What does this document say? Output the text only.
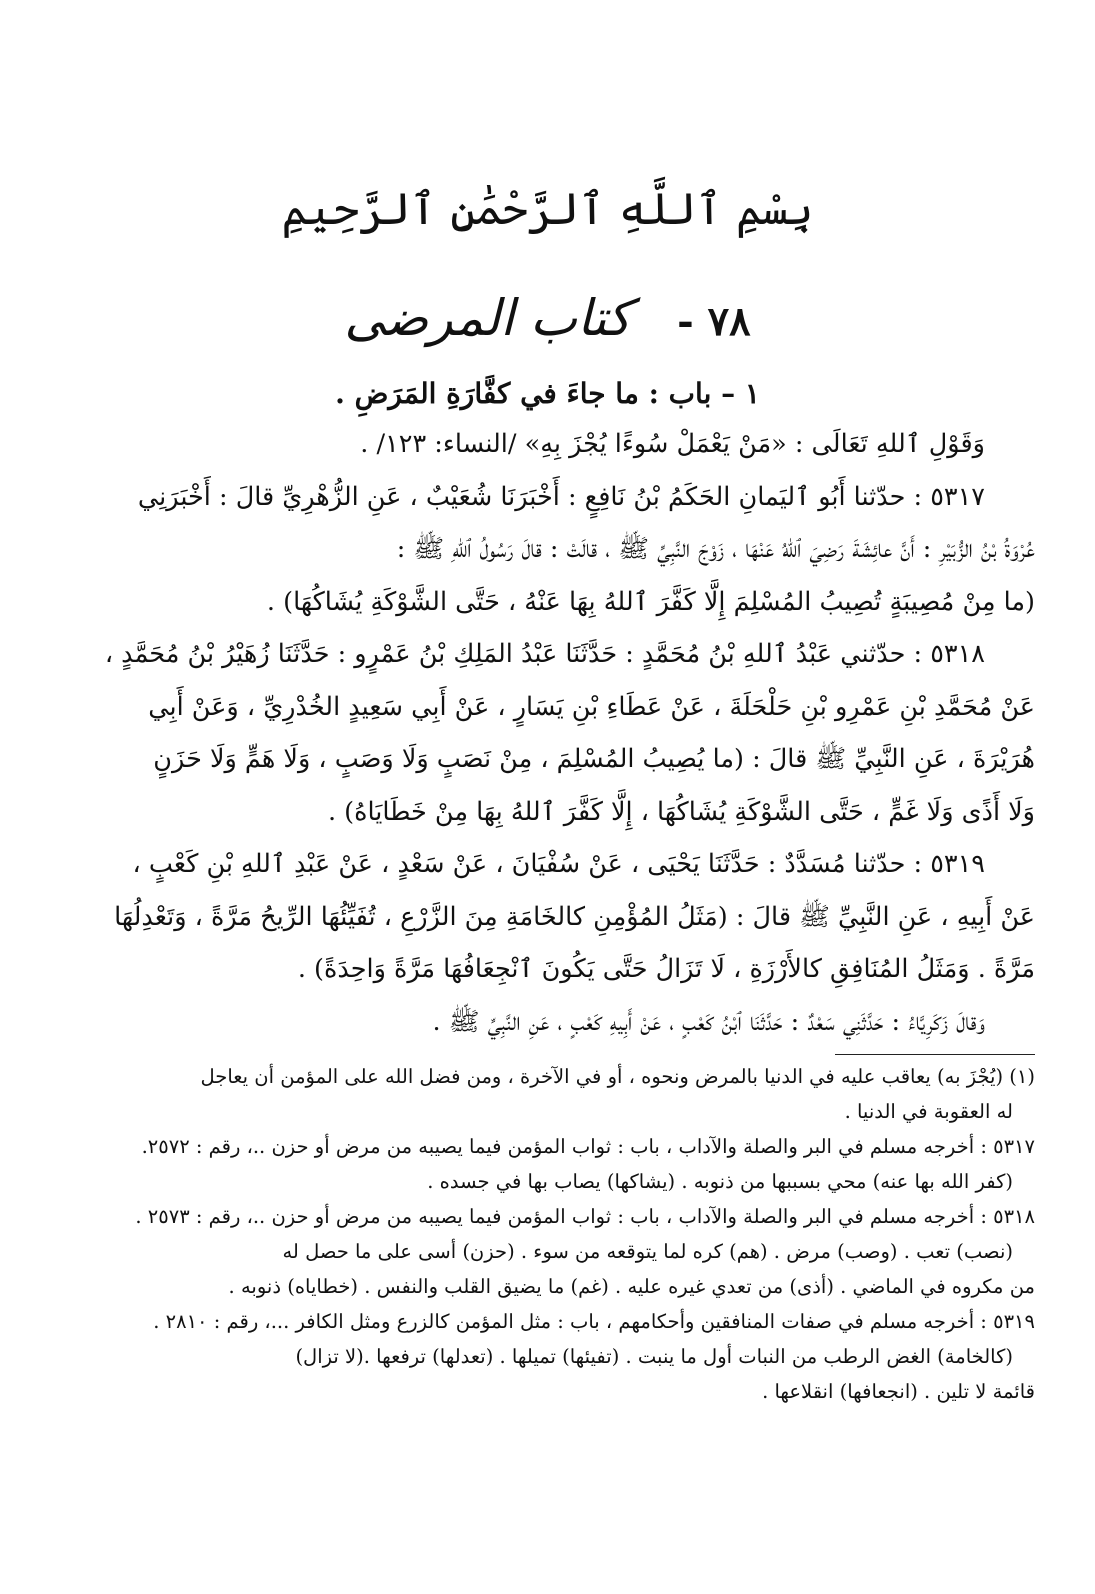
بِسْمِ ٱللَّهِ ٱلرَّحْمَٰنِ ٱلرَّحِيمِ
٧٨ - كتاب المرضى
١ – باب : ما جاءَ في كفَّارَةِ المَرَضِ .

وَقَوْلِ ٱللهِ تَعَالَى : «مَنْ يَعْمَلْ سُوءًا يُجْزَ بِهِ» /النساء: ١٢٣/ .

٥٣١٧ : حدّثنا أَبُو ٱليَمانِ الحَكَمُ بْنُ نَافِعٍ : أَخْبَرَنَا شُعَيْبٌ ، عَنِ الزُّهْرِيِّ قالَ : أَخْبَرَنِي

عُرْوَةُ بْنُ الزُّبَيْرِ : أَنَّ عائِشَةَ رَضِيَ ٱللهُ عَنْهَا ، زَوْجَ النَّبِيِّ ﷺ ، قالَتْ : قالَ رَسُولُ ٱللهِ ﷺ :

(ما مِنْ مُصِيبَةٍ تُصِيبُ المُسْلِمَ إِلَّا كَفَّرَ ٱللهُ بِهَا عَنْهُ ، حَتَّى الشَّوْكَةِ يُشَاكُهَا) .

٥٣١٨ : حدّثني عَبْدُ ٱللهِ بْنُ مُحَمَّدٍ : حَدَّثَنَا عَبْدُ المَلِكِ بْنُ عَمْرٍو : حَدَّثَنَا زُهَيْرُ بْنُ مُحَمَّدٍ ،

عَنْ مُحَمَّدِ بْنِ عَمْرِو بْنِ حَلْحَلَةَ ، عَنْ عَطَاءِ بْنِ يَسَارٍ ، عَنْ أَبِي سَعِيدٍ الخُدْرِيِّ ، وَعَنْ أَبِي

هُرَيْرَةَ ، عَنِ النَّبِيِّ ﷺ قالَ : (ما يُصِيبُ المُسْلِمَ ، مِنْ نَصَبٍ وَلَا وَصَبٍ ، وَلَا هَمٍّ وَلَا حَزَنٍ

وَلَا أَذًى وَلَا غَمٍّ ، حَتَّى الشَّوْكَةِ يُشَاكُهَا ، إِلَّا كَفَّرَ ٱللهُ بِهَا مِنْ خَطَايَاهُ) .

٥٣١٩ : حدّثنا مُسَدَّدٌ : حَدَّثَنَا يَحْيَى ، عَنْ سُفْيَانَ ، عَنْ سَعْدٍ ، عَنْ عَبْدِ ٱللهِ بْنِ كَعْبٍ ،

عَنْ أَبِيهِ ، عَنِ النَّبِيِّ ﷺ قالَ : (مَثَلُ المُؤْمِنِ كالخَامَةِ مِنَ الزَّرْعِ ، تُفَيِّئُهَا الرِّيحُ مَرَّةً ، وَتَعْدِلُهَا

مَرَّةً . وَمَثَلُ المُنَافِقِ كالأَرْزَةِ ، لَا تَزَالُ حَتَّى يَكُونَ ٱنْجِعَافُهَا مَرَّةً وَاحِدَةً) .

وَقالَ زَكَرِيَّاءُ : حَدَّثَنِي سَعْدٌ : حَدَّثَنَا ٱبْنُ كَعْبٍ ، عَنْ أَبِيهِ كَعْبٍ ، عَنِ النَّبِيِّ ﷺ .

(١) (يُجْزَ به) يعاقب عليه في الدنيا بالمرض ونحوه ، أو في الآخرة ، ومن فضل الله على المؤمن أن يعاجل

له العقوبة في الدنيا .

٥٣١٧ : أخرجه مسلم في البر والصلة والآداب ، باب : ثواب المؤمن فيما يصيبه من مرض أو حزن ..، رقم : ٢٥٧٢.

(كفر الله بها عنه) محي بسببها من ذنوبه . (يشاكها) يصاب بها في جسده .

٥٣١٨ : أخرجه مسلم في البر والصلة والآداب ، باب : ثواب المؤمن فيما يصيبه من مرض أو حزن ..، رقم : ٢٥٧٣ .

(نصب) تعب . (وصب) مرض . (هم) كره لما يتوقعه من سوء . (حزن) أسى على ما حصل له

من مكروه في الماضي . (أذى) من تعدي غيره عليه . (غم) ما يضيق القلب والنفس . (خطاياه) ذنوبه .

٥٣١٩ : أخرجه مسلم في صفات المنافقين وأحكامهم ، باب : مثل المؤمن كالزرع ومثل الكافر ...، رقم : ٢٨١٠ .

(كالخامة) الغض الرطب من النبات أول ما ينبت . (تفيئها) تميلها . (تعدلها) ترفعها .(لا تزال)

قائمة لا تلين . (انجعافها) انقلاعها .
